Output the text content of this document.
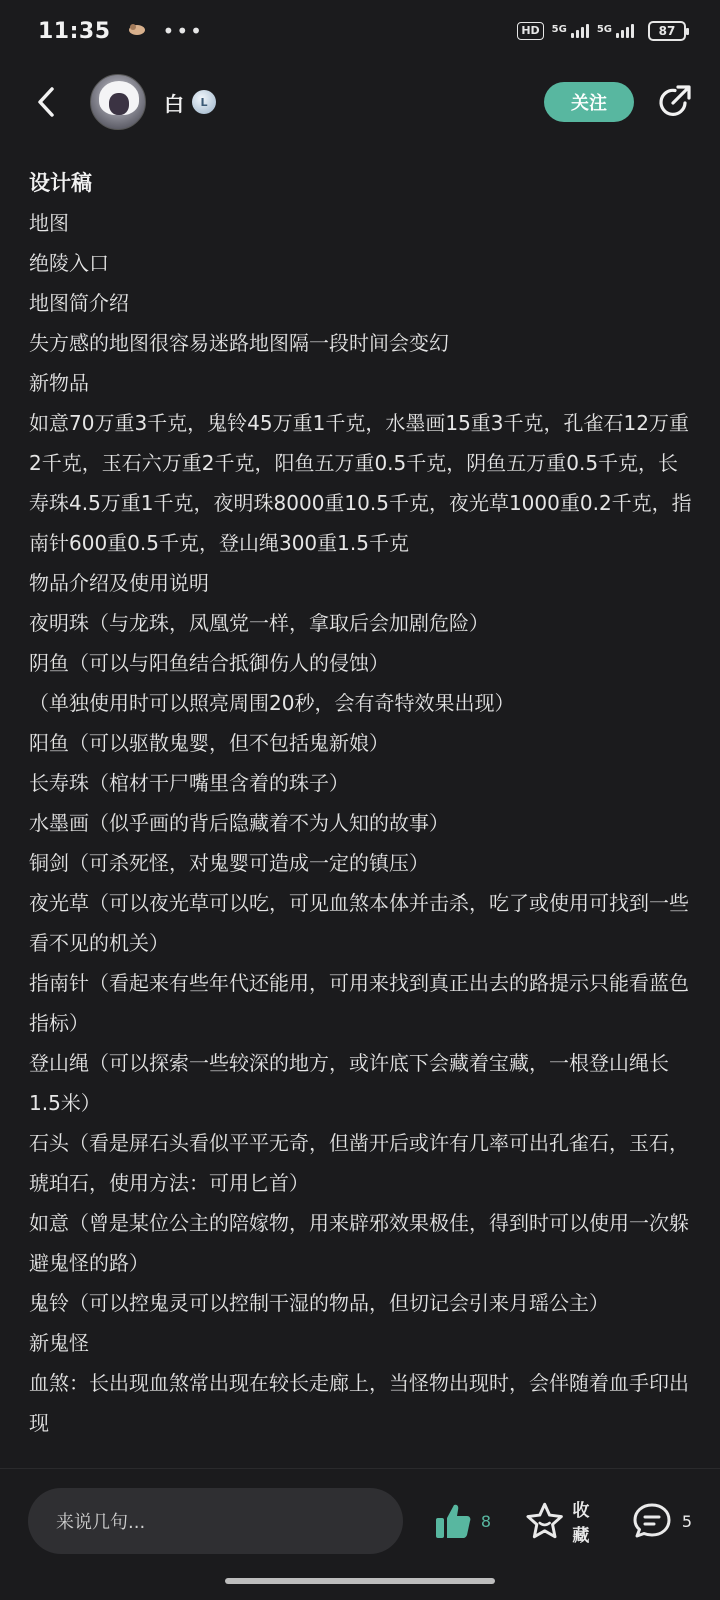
11:35	•••	HD	5G	5G	87
白	L	关注

设计稿

地图

绝陵入口

地图简介绍

失方感的地图很容易迷路地图隔一段时间会变幻

新物品

如意70万重3千克，鬼铃45万重1千克，水墨画15重3千克，孔雀石12万重2千克，玉石六万重2千克，阳鱼五万重0.5千克，阴鱼五万重0.5千克，长寿珠4.5万重1千克，夜明珠8000重10.5千克，夜光草1000重0.2千克，指南针600重0.5千克，登山绳300重1.5千克

物品介绍及使用说明

夜明珠（与龙珠，凤凰党一样，拿取后会加剧危险）

阴鱼（可以与阳鱼结合抵御伤人的侵蚀）

（单独使用时可以照亮周围20秒，会有奇特效果出现）

阳鱼（可以驱散鬼婴，但不包括鬼新娘）

长寿珠（棺材干尸嘴里含着的珠子）

水墨画（似乎画的背后隐藏着不为人知的故事）

铜剑（可杀死怪，对鬼婴可造成一定的镇压）

夜光草（可以夜光草可以吃，可见血煞本体并击杀，吃了或使用可找到一些看不见的机关）

指南针（看起来有些年代还能用，可用来找到真正出去的路提示只能看蓝色指标）

登山绳（可以探索一些较深的地方，或许底下会藏着宝藏，一根登山绳长1.5米）

石头（看是屏石头看似平平无奇，但凿开后或许有几率可出孔雀石，玉石，琥珀石，使用方法：可用匕首）

如意（曾是某位公主的陪嫁物，用来辟邪效果极佳，得到时可以使用一次躲避鬼怪的路）

鬼铃（可以控鬼灵可以控制干湿的物品，但切记会引来月瑶公主）

新鬼怪

血煞：长出现血煞常出现在较长走廊上，当怪物出现时，会伴随着血手印出现

来说几句...	8	收藏
5
